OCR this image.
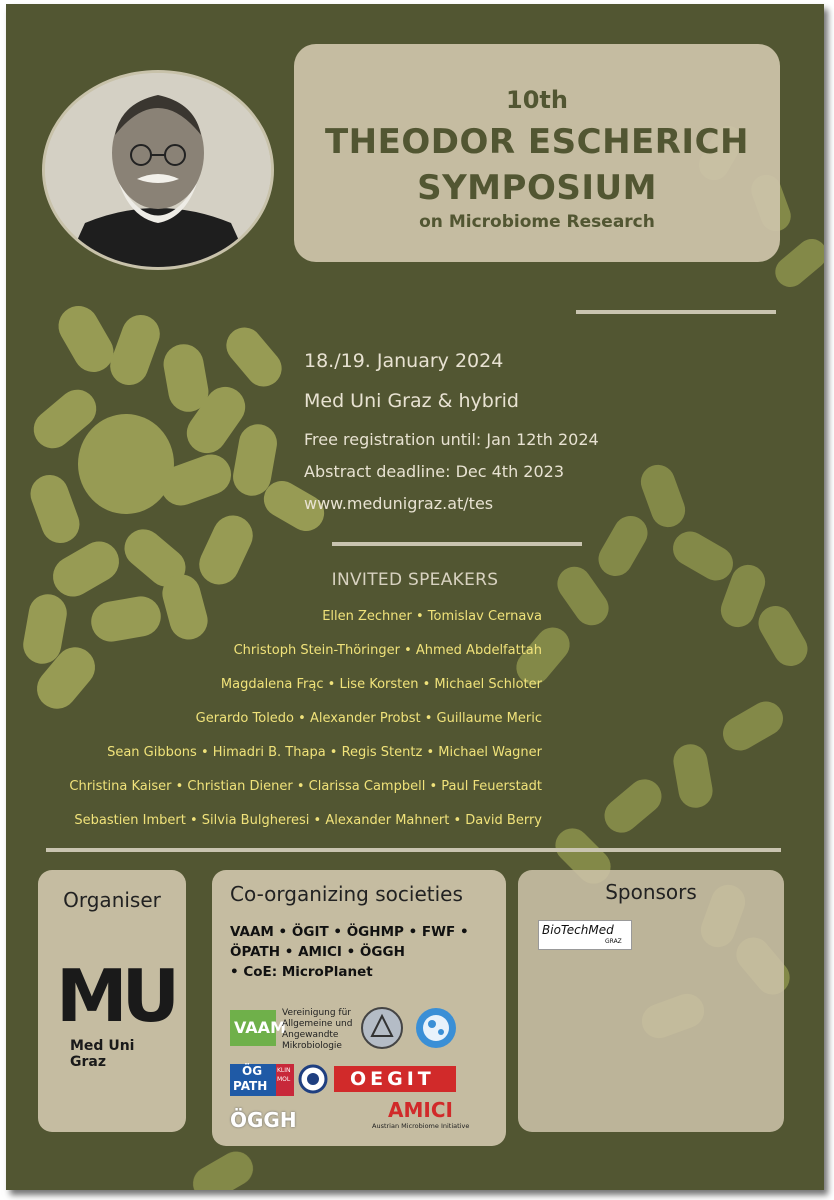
10th
THEODOR ESCHERICH
SYMPOSIUM
on Microbiome Research
18./19. January 2024
Med Uni Graz & hybrid
Free registration until: Jan 12th 2024
Abstract deadline: Dec 4th 2023
www.medunigraz.at/tes
INVITED SPEAKERS
Ellen Zechner • Tomislav Cernava
Christoph Stein-Thöringer • Ahmed Abdelfattah
Magdalena Frąc • Lise Korsten • Michael Schloter
Gerardo Toledo • Alexander Probst • Guillaume Meric
Sean Gibbons • Himadri B. Thapa • Regis Stentz • Michael Wagner
Christina Kaiser • Christian Diener • Clarissa Campbell • Paul Feuerstadt
Sebastien Imbert • Silvia Bulgheresi • Alexander Mahnert • David Berry
Organiser
MU
Med Uni
Graz
Co-organizing societies
VAAM • ÖGIT • ÖGHMP • FWF •
ÖPATH • AMICI • ÖGGH
• CoE: MicroPlanet
VAAM
Vereinigung für
Allgemeine und
Angewandte
Mikrobiologie
ÖG
PATH
KLIN MOL	OEGIT
ÖGGH	AMICI
Austrian Microbiome Initiative
Sponsors
BioTechMed
GRAZ
